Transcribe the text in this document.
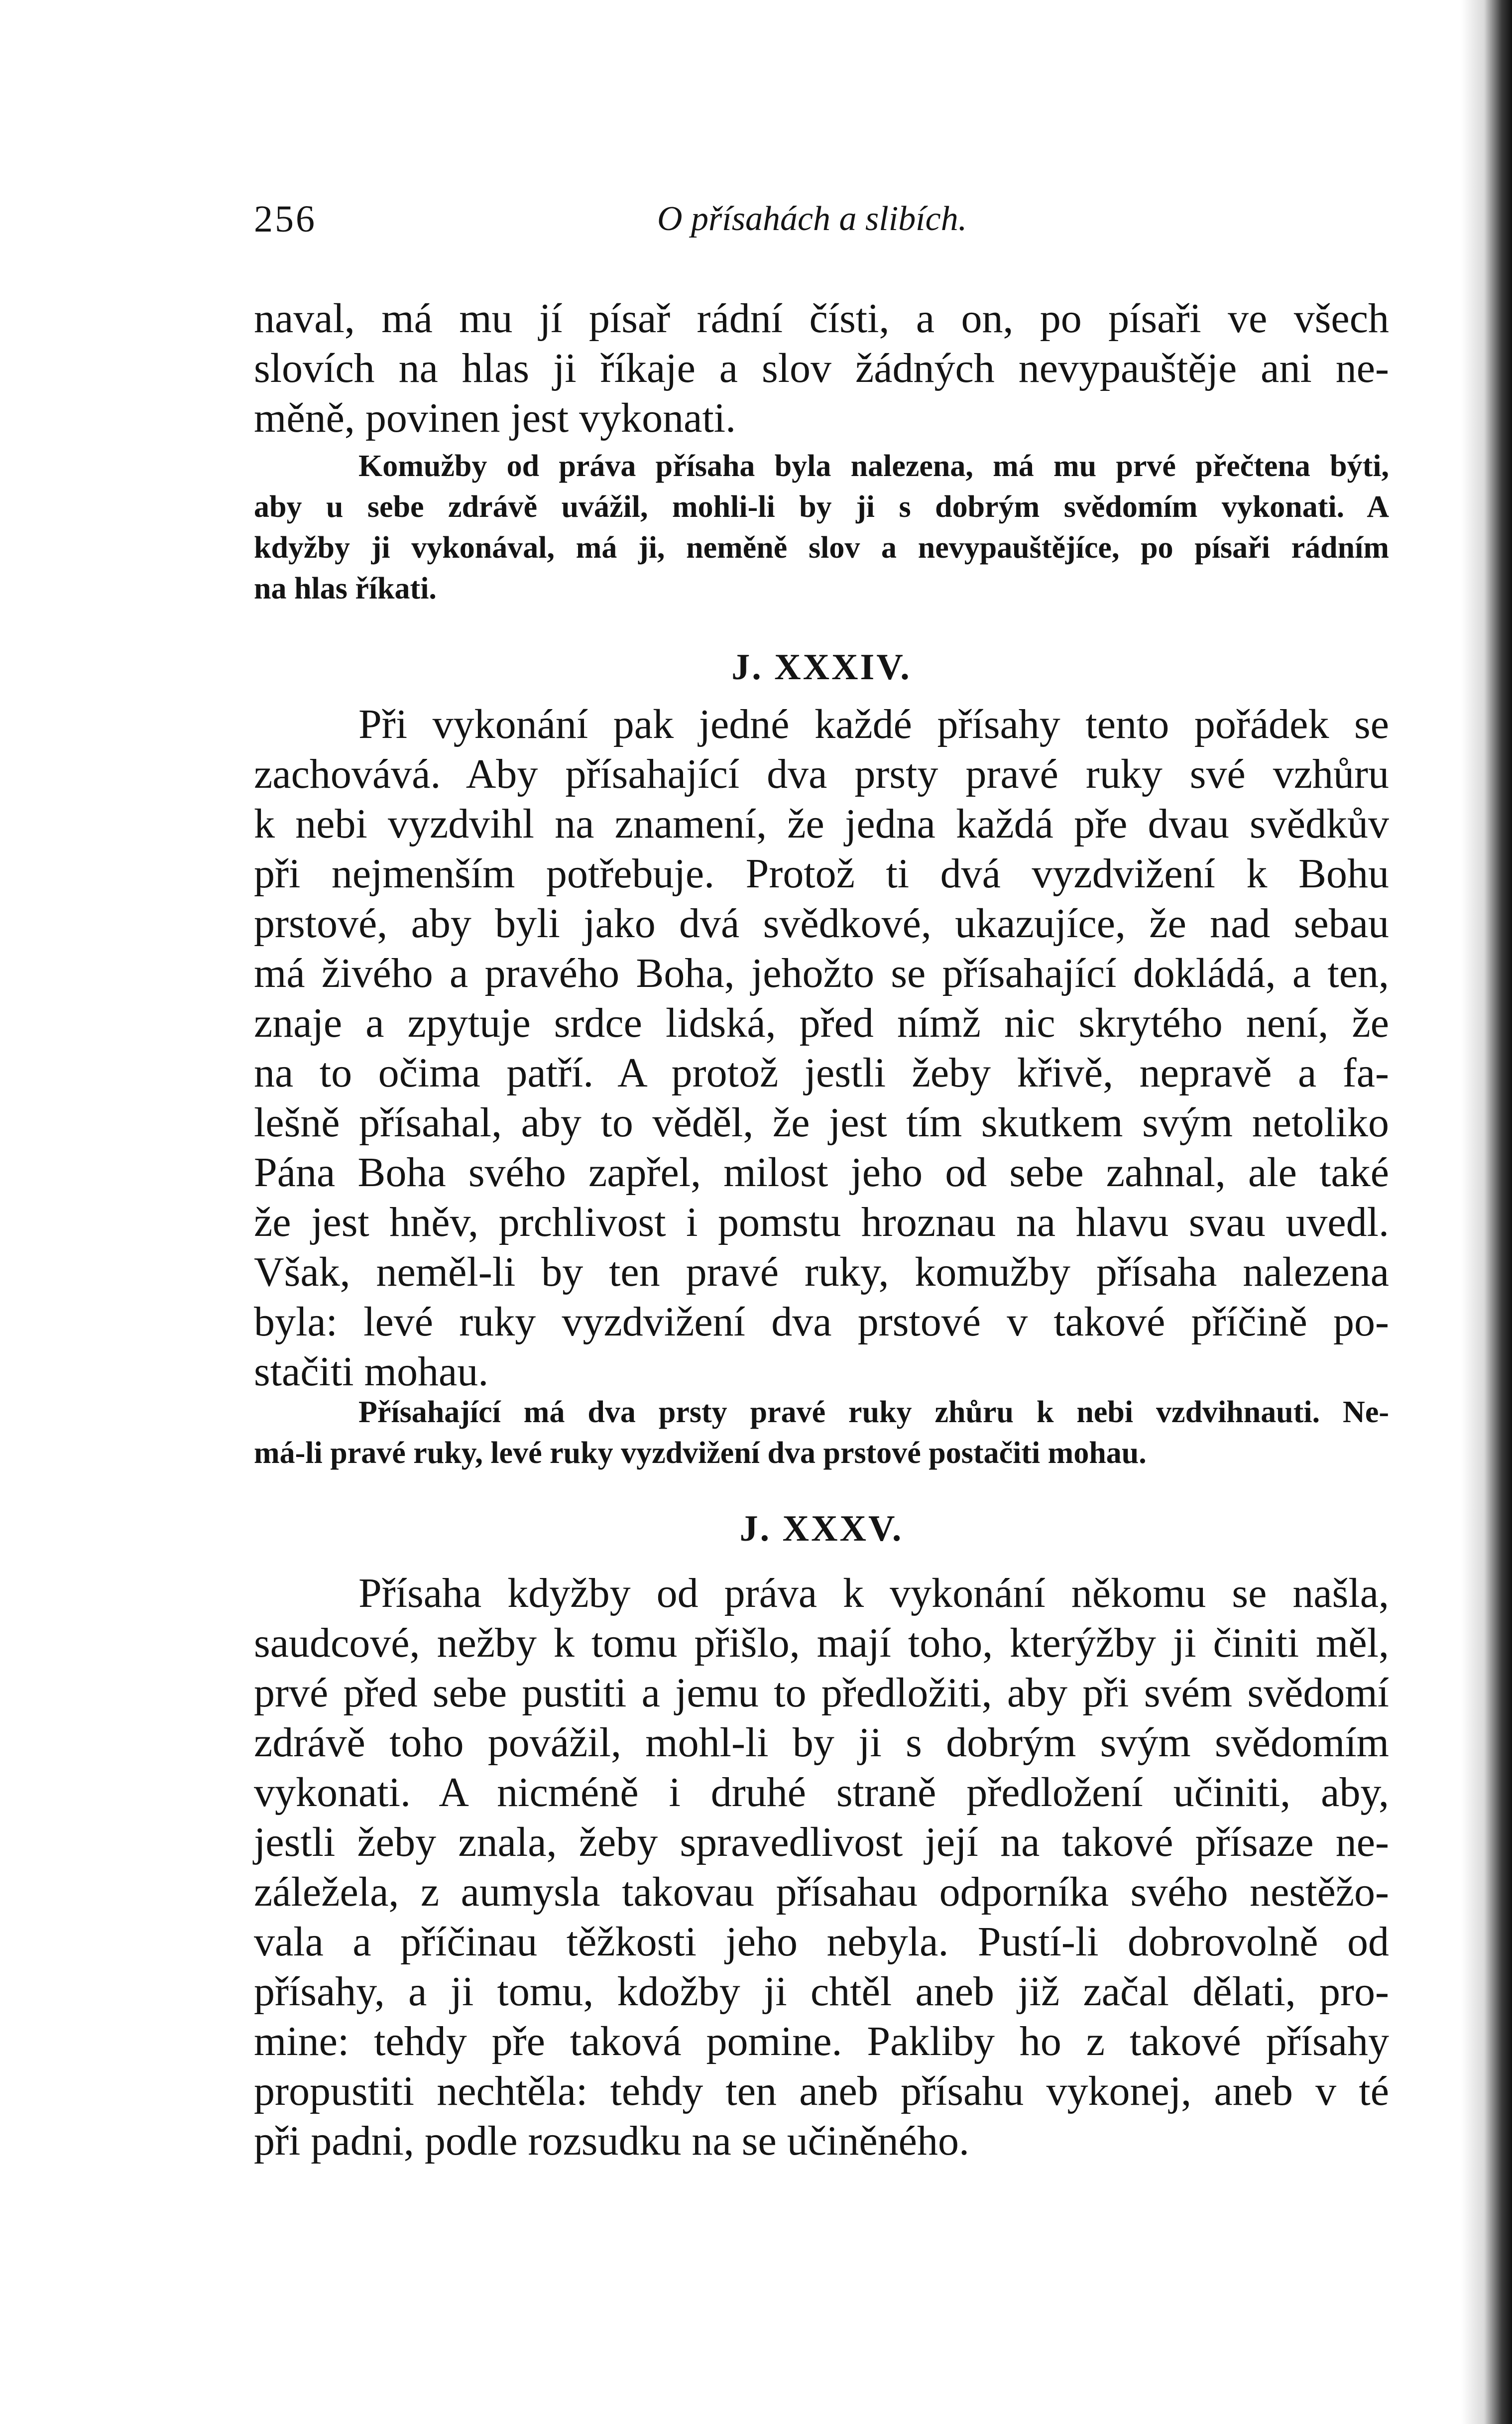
256	O přísahách a slibích.
naval, má mu jí písař rádní čísti, a on, po písaři ve všech
slovích na hlas ji říkaje a slov žádných nevypauštěje ani ne-
měně, povinen jest vykonati.
Komužby od práva přísaha byla nalezena, má mu prvé přečtena býti,
aby u sebe zdrávě uvážil, mohli-li by ji s dobrým svědomím vykonati. A
kdyžby ji vykonával, má ji, neměně slov a nevypauštějíce, po písaři rádním
na hlas říkati.
J. XXXIV.
Při vykonání pak jedné každé přísahy tento pořádek se
zachovává. Aby přísahající dva prsty pravé ruky své vzhůru
k nebi vyzdvihl na znamení, že jedna každá pře dvau svědkův
při nejmenším potřebuje. Protož ti dvá vyzdvižení k Bohu
prstové, aby byli jako dvá svědkové, ukazujíce, že nad sebau
má živého a pravého Boha, jehožto se přísahající dokládá, a ten,
znaje a zpytuje srdce lidská, před nímž nic skrytého není, že
na to očima patří. A protož jestli žeby křivě, nepravě a fa-
lešně přísahal, aby to věděl, že jest tím skutkem svým netoliko
Pána Boha svého zapřel, milost jeho od sebe zahnal, ale také
že jest hněv, prchlivost i pomstu hroznau na hlavu svau uvedl.
Však, neměl-li by ten pravé ruky, komužby přísaha nalezena
byla: levé ruky vyzdvižení dva prstové v takové příčině po-
stačiti mohau.
Přísahající má dva prsty pravé ruky zhůru k nebi vzdvihnauti. Ne-
má-li pravé ruky, levé ruky vyzdvižení dva prstové postačiti mohau.
J. XXXV.
Přísaha kdyžby od práva k vykonání někomu se našla,
saudcové, nežby k tomu přišlo, mají toho, kterýžby ji činiti měl,
prvé před sebe pustiti a jemu to předložiti, aby při svém svědomí
zdrávě toho povážil, mohl-li by ji s dobrým svým svědomím
vykonati. A nicméně i druhé straně předložení učiniti, aby,
jestli žeby znala, žeby spravedlivost její na takové přísaze ne-
záležela, z aumysla takovau přísahau odporníka svého nestěžo-
vala a příčinau těžkosti jeho nebyla. Pustí-li dobrovolně od
přísahy, a ji tomu, kdožby ji chtěl aneb již začal dělati, pro-
mine: tehdy pře taková pomine. Pakliby ho z takové přísahy
propustiti nechtěla: tehdy ten aneb přísahu vykonej, aneb v té
při padni, podle rozsudku na se učiněného.
